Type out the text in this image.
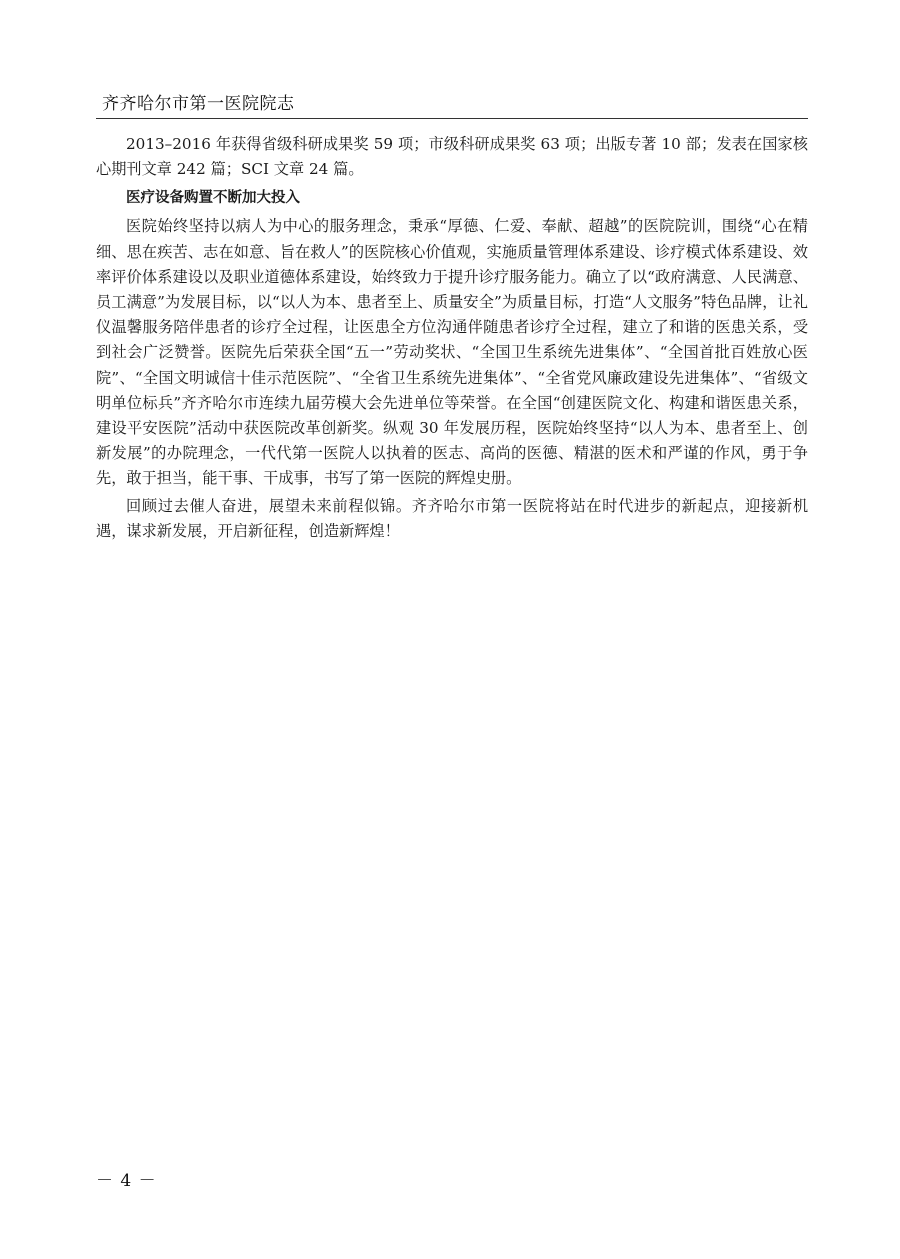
齐齐哈尔市第一医院院志

2013–2016 年获得省级科研成果奖 59 项；市级科研成果奖 63 项；出版专著 10 部；发表在国家核心期刊文章 242 篇；SCI 文章 24 篇。

医疗设备购置不断加大投入

医院始终坚持以病人为中心的服务理念，秉承“厚德、仁爱、奉献、超越”的医院院训，围绕“心在精细、思在疾苦、志在如意、旨在救人”的医院核心价值观，实施质量管理体系建设、诊疗模式体系建设、效率评价体系建设以及职业道德体系建设，始终致力于提升诊疗服务能力。确立了以“政府满意、人民满意、员工满意”为发展目标，以“以人为本、患者至上、质量安全”为质量目标，打造“人文服务”特色品牌，让礼仪温馨服务陪伴患者的诊疗全过程，让医患全方位沟通伴随患者诊疗全过程，建立了和谐的医患关系，受到社会广泛赞誉。医院先后荣获全国“五一”劳动奖状、“全国卫生系统先进集体”、“全国首批百姓放心医院”、“全国文明诚信十佳示范医院”、“全省卫生系统先进集体”、“全省党风廉政建设先进集体”、“省级文明单位标兵”齐齐哈尔市连续九届劳模大会先进单位等荣誉。在全国“创建医院文化、构建和谐医患关系，建设平安医院”活动中获医院改革创新奖。纵观 30 年发展历程，医院始终坚持“以人为本、患者至上、创新发展”的办院理念，一代代第一医院人以执着的医志、高尚的医德、精湛的医术和严谨的作风，勇于争先，敢于担当，能干事、干成事，书写了第一医院的辉煌史册。

回顾过去催人奋进，展望未来前程似锦。齐齐哈尔市第一医院将站在时代进步的新起点，迎接新机遇，谋求新发展，开启新征程，创造新辉煌！

－ 4 －
